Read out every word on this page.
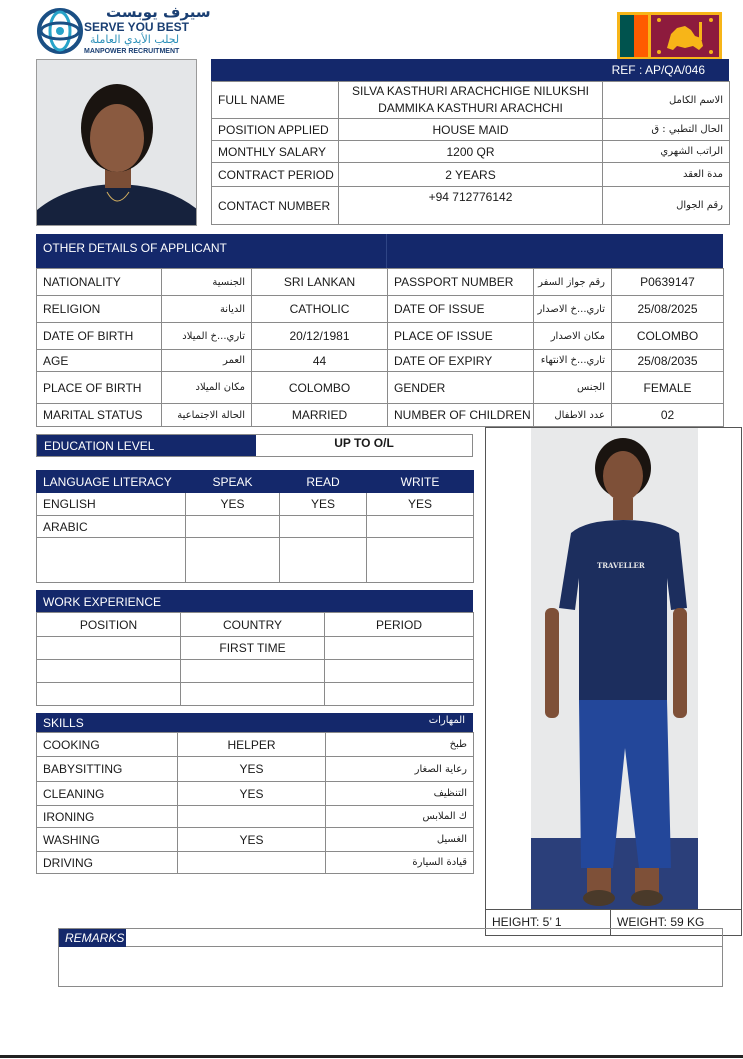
سيرف يوبست
SERVE YOU BEST
لجلب الأيدي العاملة
MANPOWER RECRUITMENT
REF : AP/QA/046
FULL NAME	SILVA KASTHURI ARACHCHIGE NILUKSHI DAMMIKA KASTHURI ARACHCHI	الاسم الكامل
POSITION APPLIED	HOUSE MAID	الحال التطبي : ق
MONTHLY SALARY	1200 QR	الراتب الشهري
CONTRACT PERIOD	2 YEARS	مدة العقد
CONTACT NUMBER	+94 712776142	رقم الجوال
OTHER DETAILS OF APPLICANT
NATIONALITY	الجنسية	SRI LANKAN	PASSPORT NUMBER	رقم جواز السفر	P0639147
RELIGION	الديانة	CATHOLIC	DATE OF ISSUE	تاري...خ الاصدار	25/08/2025
DATE OF BIRTH	تاري...خ الميلاد	20/12/1981	PLACE OF ISSUE	مكان الاصدار	COLOMBO
AGE	العمر	44	DATE OF EXPIRY	تاري...خ الانتهاء	25/08/2035
PLACE OF BIRTH	مكان الميلاد	COLOMBO	GENDER	الجنس	FEMALE
MARITAL STATUS	الحالة الاجتماعية	MARRIED	NUMBER OF CHILDREN	عدد الاطفال	02
EDUCATION LEVEL	UP TO O/L
LANGUAGE LITERACY	SPEAK	READ	WRITE
ENGLISH	YES	YES	YES
ARABIC			

WORK EXPERIENCE
POSITION	COUNTRY	PERIOD
	FIRST TIME	

SKILLS	المهارات
COOKING	HELPER	طبخ
BABYSITTING	YES	رعاية الصغار
CLEANING	YES	التنظيف
IRONING		ك الملابس
WASHING	YES	الغسيل
DRIVING		قيادة السيارة
TRAVELLER
HEIGHT: 5’ 1	WEIGHT: 59 KG
REMARKS
